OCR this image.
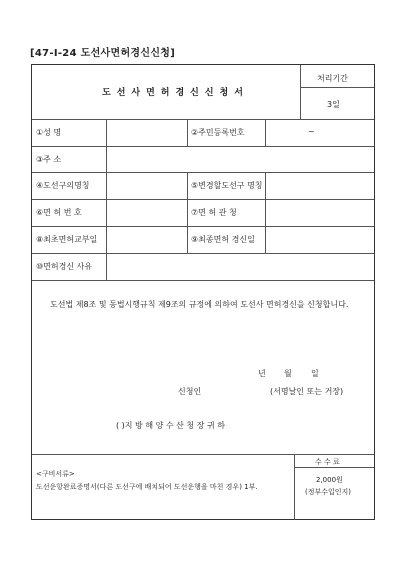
[47-I-24 도선사면허경신신청]
도선사면허경신신청서
처리기간
3일
①성 명	②주민등록번호	~
③주 소
④도선구의명칭	⑤변경할도선구 명칭
⑥면 허 번 호	⑦면 허 관 청
⑧최초면허교부일	⑨최종면허 경신일
⑩면허경신 사유
도선법 제8조 및 동법시행규칙 제9조의 규정에 의하여 도선사 면허경신을 신청합니다.
년 월 일
신청인	(서명날인 또는 거장)
( )지 방 해 양 수 산 청 장 귀 하
<구비서류>
도선운항완료증명서(다른 도선구에 배치되어 도선운행을 마친 경우) 1부.
수 수 료
2,000원
(정부수입인지)
